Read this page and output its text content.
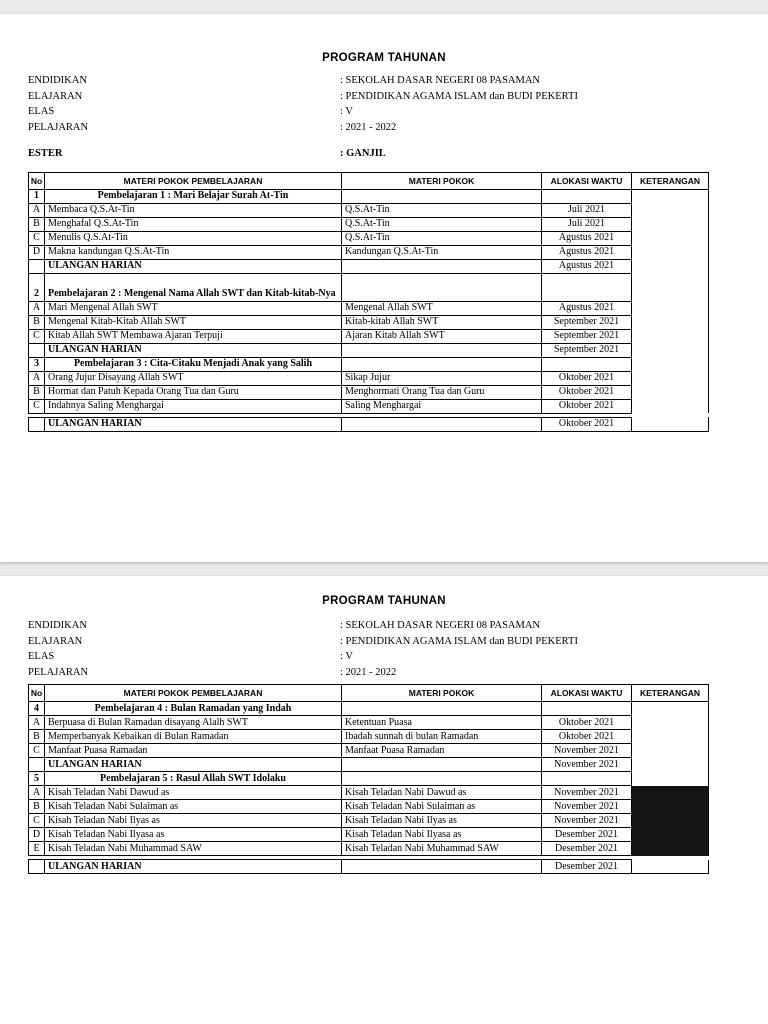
PROGRAM TAHUNAN
ENDIDIKAN	: SEKOLAH DASAR NEGERI 08 PASAMAN
ELAJARAN	: PENDIDIKAN AGAMA ISLAM dan BUDI PEKERTI
ELAS	: V
PELAJARAN	: 2021 - 2022
ESTER	: GANJIL
No	MATERI POKOK PEMBELAJARAN	MATERI POKOK	ALOKASI WAKTU	KETERANGAN
1	Pembelajaran 1 : Mari Belajar Surah At-Tin			
A	Membaca Q.S.At-Tin	Q.S.At-Tin	Juli 2021	
B	Menghafal Q.S.At-Tin	Q.S.At-Tin	Juli 2021	
C	Menulis Q.S.At-Tin	Q.S.At-Tin	Agustus 2021	
D	Makna kandungan Q.S.At-Tin	Kandungan Q.S.At-Tin	Agustus 2021	
	ULANGAN HARIAN		Agustus 2021	
2	Pembelajaran 2 : Mengenal Nama Allah SWT dan Kitab-kitab-Nya			
A	Mari Mengenal Allah SWT	Mengenal Allah SWT	Agustus 2021	
B	Mengenal Kitab-Kitab Allah SWT	Kitab-kitab Allah SWT	September 2021	
C	Kitab Allah SWT Membawa Ajaran Terpuji	Ajaran Kitab Allah SWT	September 2021	
	ULANGAN HARIAN		September 2021	
3	Pembelajaran 3 : Cita-Citaku Menjadi Anak yang Salih			
A	Orang Jujur Disayang Allah SWT	Sikap Jujur	Oktober 2021	
B	Hormat dan Patuh Kepada Orang Tua dan Guru	Menghormati Orang Tua dan Guru	Oktober 2021	
C	Indahnya Saling Menghargai	Saling Menghargai	Oktober 2021	

	ULANGAN HARIAN		Oktober 2021	
PROGRAM TAHUNAN
ENDIDIKAN	: SEKOLAH DASAR NEGERI 08 PASAMAN
ELAJARAN	: PENDIDIKAN AGAMA ISLAM dan BUDI PEKERTI
ELAS	: V
PELAJARAN	: 2021 - 2022
No	MATERI POKOK PEMBELAJARAN	MATERI POKOK	ALOKASI WAKTU	KETERANGAN
4	Pembelajaran 4 : Bulan Ramadan yang Indah			
A	Berpuasa di Bulan Ramadan disayang Alalh SWT	Ketentuan Puasa	Oktober 2021	
B	Memperbanyak Kebaikan di Bulan Ramadan	Ibadah sunnah di bulan Ramadan	Oktober 2021	
C	Manfaat Puasa Ramadan	Manfaat Puasa Ramadan	November 2021	
	ULANGAN HARIAN		November 2021	
5	Pembelajaran 5 : Rasul Allah SWT Idolaku			
A	Kisah Teladan Nabi Dawud as	Kisah Teladan Nabi Dawud as	November 2021	
B	Kisah Teladan Nabi Sulaiman as	Kisah Teladan Nabi Sulaiman as	November 2021	
C	Kisah Teladan Nabi Ilyas as	Kisah Teladan Nabi Ilyas as	November 2021	
D	Kisah Teladan Nabi Ilyasa as	Kisah Teladan Nabi Ilyasa as	Desember 2021	
E	Kisah Teladan Nabi Muhammad SAW	Kisah Teladan Nabi Muhammad SAW	Desember 2021	

	ULANGAN HARIAN		Desember 2021	
